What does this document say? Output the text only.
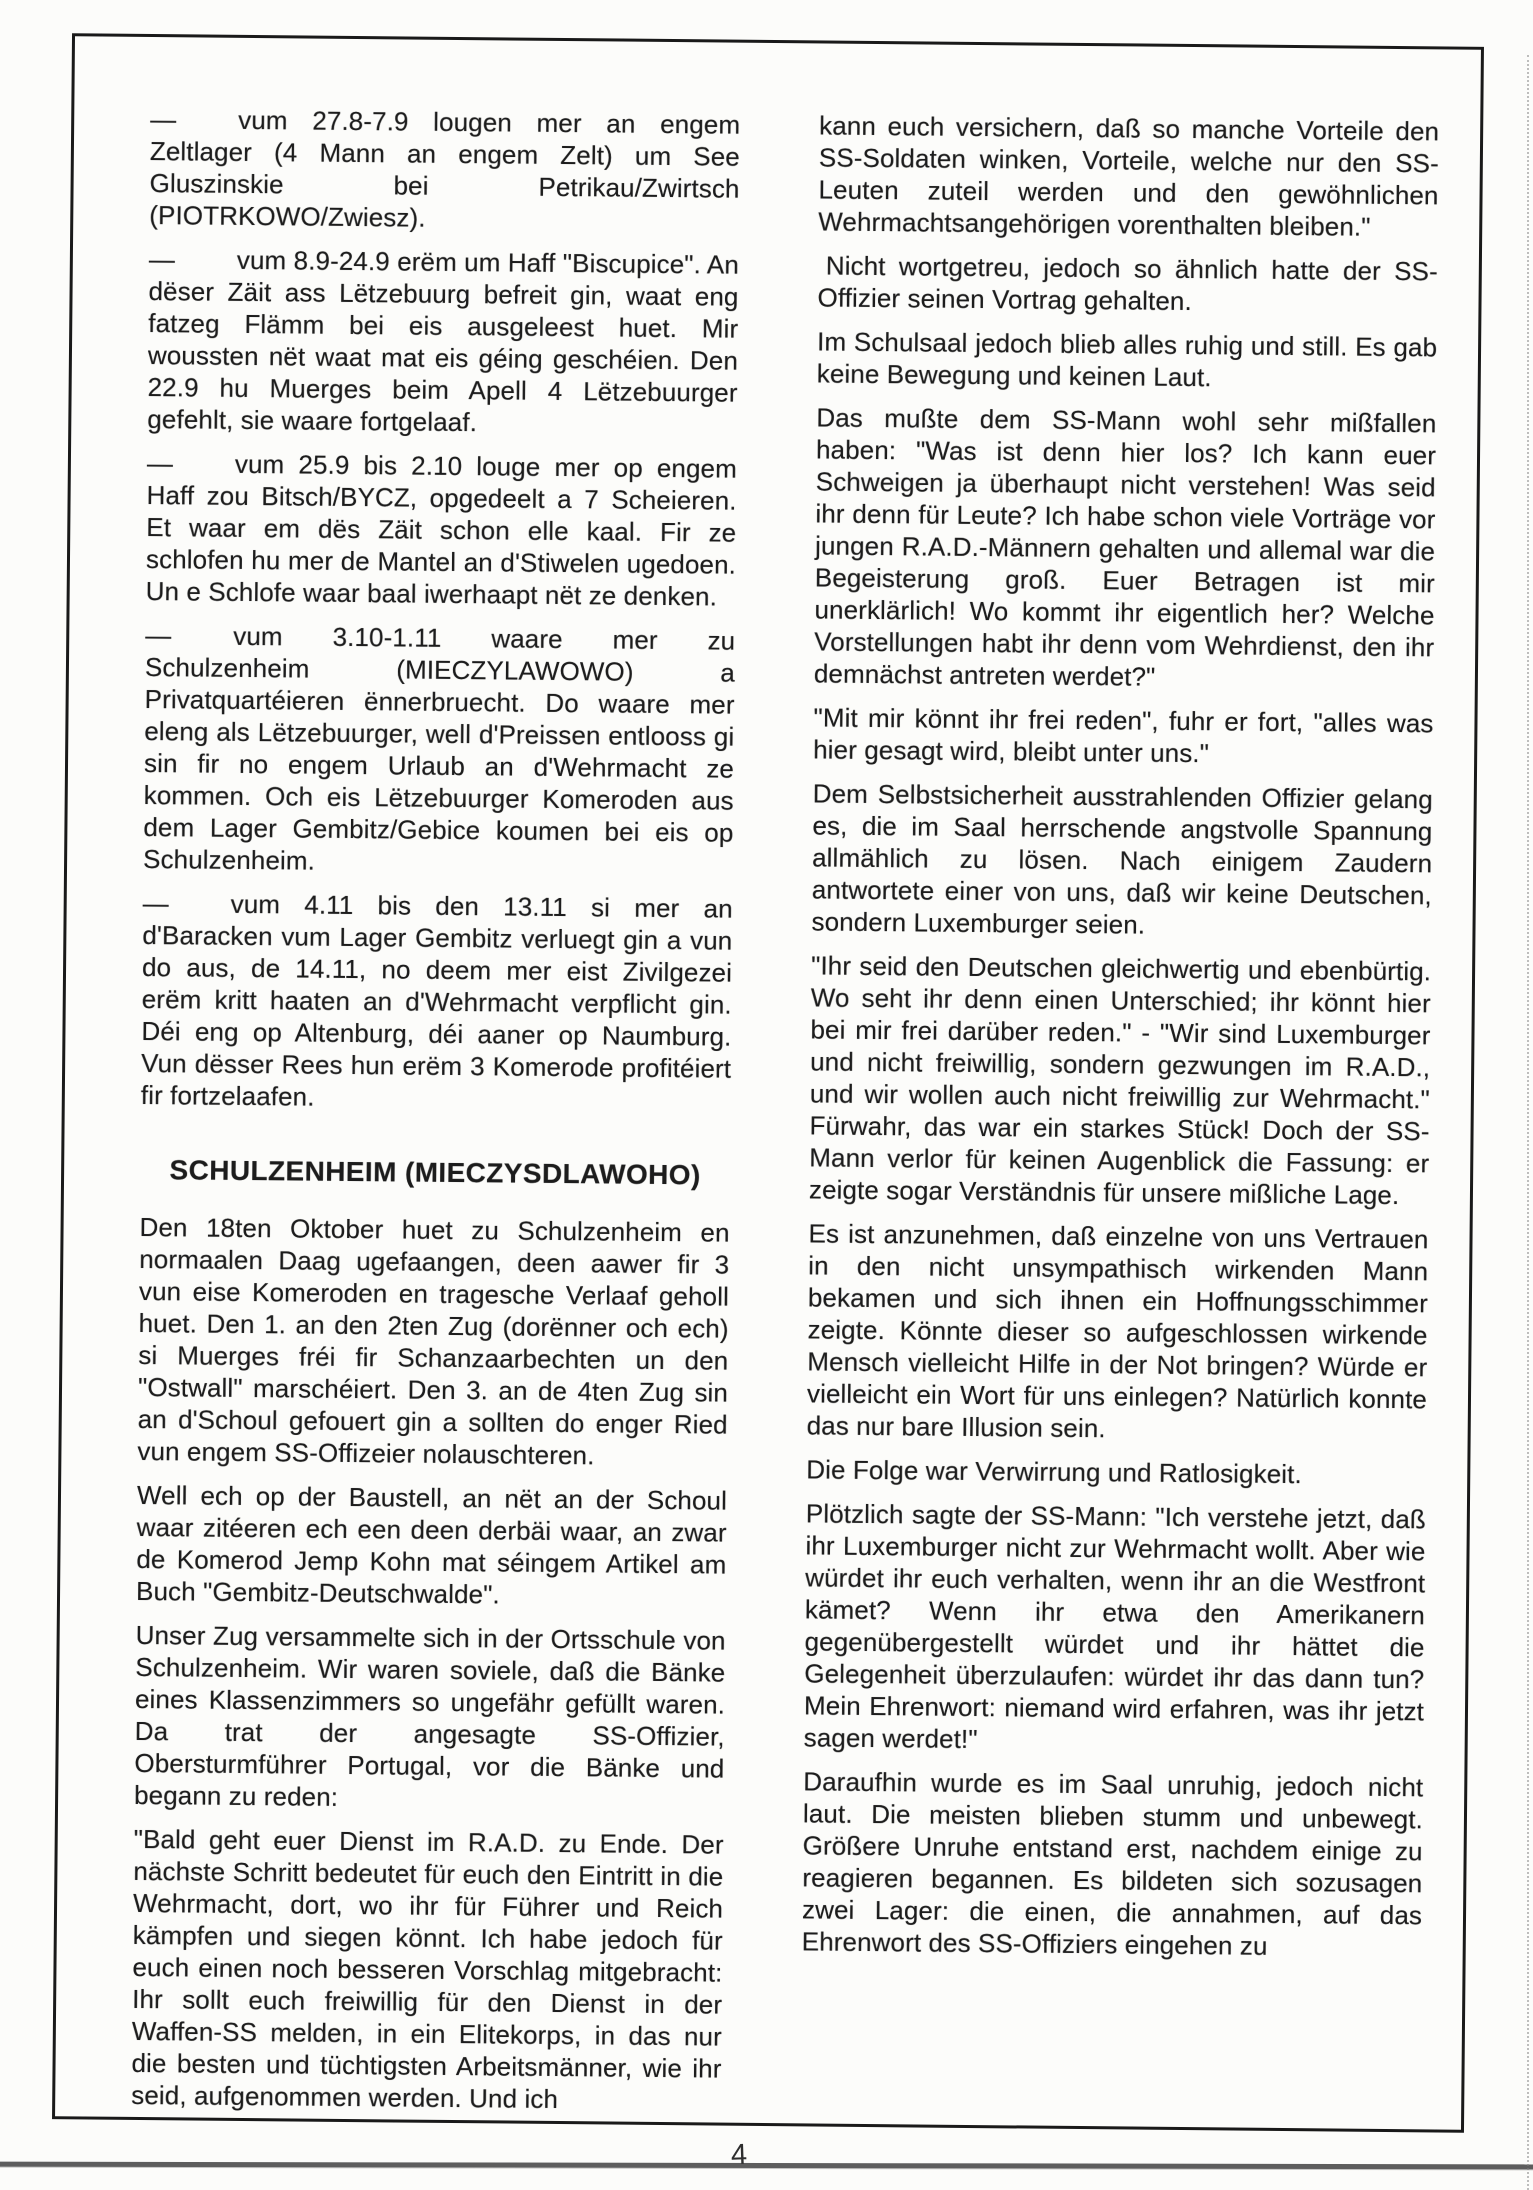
— vum 27.8-7.9 lougen mer an engem Zeltlager (4 Mann an engem Zelt) um See Gluszinskie bei Petrikau/Zwirtsch (PIOTRKOWO/Zwiesz).

— vum 8.9-24.9 erëm um Haff "Biscupice". An dëser Zäit ass Lëtzebuurg befreit gin, waat eng fatzeg Flämm bei eis ausgeleest huet. Mir woussten nët waat mat eis géing geschéien. Den 22.9 hu Muerges beim Apell 4 Lëtzebuurger gefehlt, sie waare fortgelaaf.

— vum 25.9 bis 2.10 louge mer op engem Haff zou Bitsch/BYCZ, opgedeelt a 7 Scheieren. Et waar em dës Zäit schon elle kaal. Fir ze schlofen hu mer de Mantel an d'Stiwelen ugedoen. Un e Schlofe waar baal iwerhaapt nët ze denken.

— vum 3.10-1.11 waare mer zu Schulzenheim (MIECZYLAWOWO) a Privatquartéieren ënnerbruecht. Do waare mer eleng als Lëtzebuurger, well d'Preissen entlooss gi sin fir no engem Urlaub an d'Wehrmacht ze kommen. Och eis Lëtzebuurger Komeroden aus dem Lager Gembitz/Gebice koumen bei eis op Schulzenheim.

— vum 4.11 bis den 13.11 si mer an d'Baracken vum Lager Gembitz verluegt gin a vun do aus, de 14.11, no deem mer eist Zivilgezei erëm kritt haaten an d'Wehrmacht verpflicht gin. Déi eng op Altenburg, déi aaner op Naumburg. Vun dësser Rees hun erëm 3 Komerode profitéiert fir fortzelaafen.

SCHULZENHEIM (MIECZYSDLAWOHO)

Den 18ten Oktober huet zu Schulzenheim en normaalen Daag ugefaangen, deen aawer fir 3 vun eise Komeroden en tragesche Verlaaf geholl huet. Den 1. an den 2ten Zug (dorënner och ech) si Muerges fréi fir Schanzaarbechten un den "Ostwall" marschéiert. Den 3. an de 4ten Zug sin an d'Schoul gefouert gin a sollten do enger Ried vun engem SS-Offizeier nolauschteren.

Well ech op der Baustell, an nët an der Schoul waar zitéeren ech een deen derbäi waar, an zwar de Komerod Jemp Kohn mat séingem Artikel am Buch "Gembitz-Deutschwalde".

Unser Zug versammelte sich in der Ortsschule von Schulzenheim. Wir waren soviele, daß die Bänke eines Klassenzimmers so ungefähr gefüllt waren. Da trat der angesagte SS-Offizier, Obersturmführer Portugal, vor die Bänke und begann zu reden:

"Bald geht euer Dienst im R.A.D. zu Ende. Der nächste Schritt bedeutet für euch den Eintritt in die Wehrmacht, dort, wo ihr für Führer und Reich kämpfen und siegen könnt. Ich habe jedoch für euch einen noch besseren Vorschlag mitgebracht: Ihr sollt euch freiwillig für den Dienst in der Waffen-SS melden, in ein Elitekorps, in das nur die besten und tüchtigsten Arbeitsmänner, wie ihr seid, aufgenommen werden. Und ich

kann euch versichern, daß so manche Vorteile den SS-Soldaten winken, Vorteile, welche nur den SS-Leuten zuteil werden und den gewöhnlichen Wehrmachtsangehörigen vorenthalten bleiben."

Nicht wortgetreu, jedoch so ähnlich hatte der SS-Offizier seinen Vortrag gehalten.

Im Schulsaal jedoch blieb alles ruhig und still. Es gab keine Bewegung und keinen Laut.

Das mußte dem SS-Mann wohl sehr mißfallen haben: "Was ist denn hier los? Ich kann euer Schweigen ja überhaupt nicht verstehen! Was seid ihr denn für Leute? Ich habe schon viele Vorträge vor jungen R.A.D.-Männern gehalten und allemal war die Begeisterung groß. Euer Betragen ist mir unerklärlich! Wo kommt ihr eigentlich her? Welche Vorstellungen habt ihr denn vom Wehrdienst, den ihr demnächst antreten werdet?"

"Mit mir könnt ihr frei reden", fuhr er fort, "alles was hier gesagt wird, bleibt unter uns."

Dem Selbstsicherheit ausstrahlenden Offizier gelang es, die im Saal herrschende angstvolle Spannung allmählich zu lösen. Nach einigem Zaudern antwortete einer von uns, daß wir keine Deutschen, sondern Luxemburger seien.

"Ihr seid den Deutschen gleichwertig und ebenbürtig. Wo seht ihr denn einen Unterschied; ihr könnt hier bei mir frei darüber reden." - "Wir sind Luxemburger und nicht freiwillig, sondern gezwungen im R.A.D., und wir wollen auch nicht freiwillig zur Wehrmacht." Fürwahr, das war ein starkes Stück! Doch der SS-Mann verlor für keinen Augenblick die Fassung: er zeigte sogar Verständnis für unsere mißliche Lage.

Es ist anzunehmen, daß einzelne von uns Vertrauen in den nicht unsympathisch wirkenden Mann bekamen und sich ihnen ein Hoffnungsschimmer zeigte. Könnte dieser so aufgeschlossen wirkende Mensch vielleicht Hilfe in der Not bringen? Würde er vielleicht ein Wort für uns einlegen? Natürlich konnte das nur bare Illusion sein.

Die Folge war Verwirrung und Ratlosigkeit.

Plötzlich sagte der SS-Mann: "Ich verstehe jetzt, daß ihr Luxemburger nicht zur Wehrmacht wollt. Aber wie würdet ihr euch verhalten, wenn ihr an die Westfront kämet? Wenn ihr etwa den Amerikanern gegenübergestellt würdet und ihr hättet die Gelegenheit überzulaufen: würdet ihr das dann tun? Mein Ehrenwort: niemand wird erfahren, was ihr jetzt sagen werdet!"

Daraufhin wurde es im Saal unruhig, jedoch nicht laut. Die meisten blieben stumm und unbewegt. Größere Unruhe entstand erst, nachdem einige zu reagieren begannen. Es bildeten sich sozusagen zwei Lager: die einen, die annahmen, auf das Ehrenwort des SS-Offiziers eingehen zu

4
